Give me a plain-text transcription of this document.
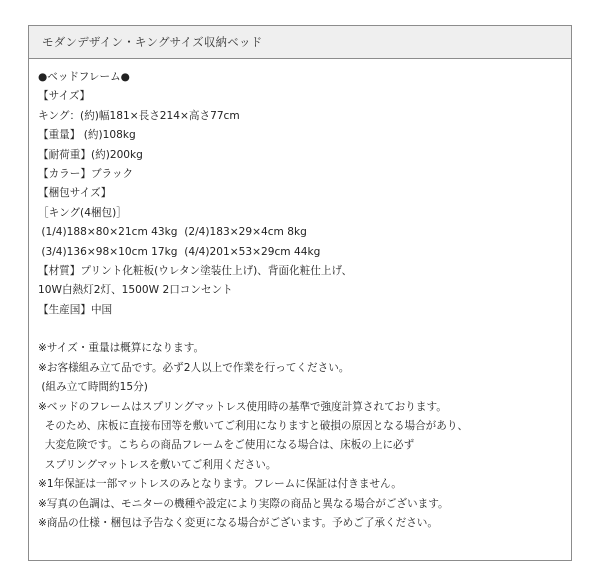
モダンデザイン・キングサイズ収納ベッド
●ベッドフレーム●
【サイズ】
キング：(約)幅181×長さ214×高さ77cm
【重量】 (約)108kg
【耐荷重】(約)200kg
【カラー】ブラック
【梱包サイズ】
［キング(4梱包)］
(1/4)188×80×21cm 43kg  (2/4)183×29×4cm 8kg
(3/4)136×98×10cm 17kg  (4/4)201×53×29cm 44kg
【材質】プリント化粧板(ウレタン塗装仕上げ)、背面化粧仕上げ、
10W白熱灯2灯、1500W 2口コンセント
【生産国】中国
※サイズ・重量は概算になります。
※お客様組み立て品です。必ず2人以上で作業を行ってください。
(組み立て時間約15分)
※ベッドのフレームはスプリングマットレス使用時の基準で強度計算されております。
そのため、床板に直接布団等を敷いてご利用になりますと破損の原因となる場合があり、
大変危険です。こちらの商品フレームをご使用になる場合は、床板の上に必ず
スプリングマットレスを敷いてご利用ください。
※1年保証は一部マットレスのみとなります。フレームに保証は付きません。
※写真の色調は、モニターの機種や設定により実際の商品と異なる場合がございます。
※商品の仕様・梱包は予告なく変更になる場合がございます。予めご了承ください。
